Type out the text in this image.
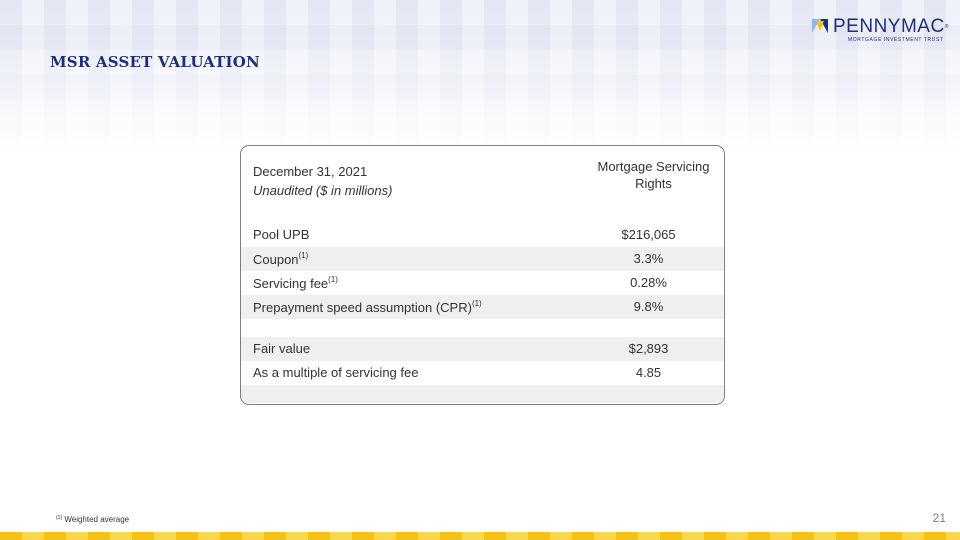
MSR ASSET VALUATION
PENNYMAC®
MORTGAGE INVESTMENT TRUST
December 31, 2021
Unaudited ($ in millions)
Mortgage Servicing
Rights
Pool UPB	$216,065
Coupon$^{(1)}$	3.3%
Servicing fee$^{(1)}$	0.28%
Prepayment speed assumption (CPR)$^{(1)}$	9.8%
Fair value	$2,893
As a multiple of servicing fee	4.85
$^{(1)}$ Weighted average	21
